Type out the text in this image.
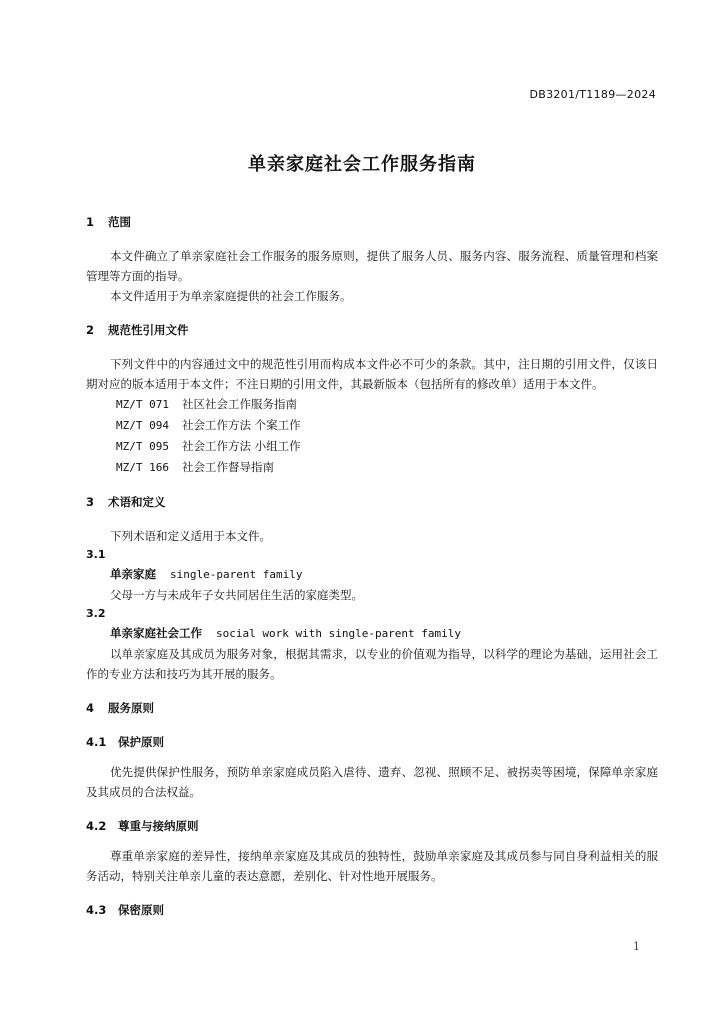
DB3201/T1189—2024
单亲家庭社会工作服务指南
1 范围

本文件确立了单亲家庭社会工作服务的服务原则，提供了服务人员、服务内容、服务流程、质量管理和档案管理等方面的指导。

本文件适用于为单亲家庭提供的社会工作服务。

2 规范性引用文件

下列文件中的内容通过文中的规范性引用而构成本文件必不可少的条款。其中，注日期的引用文件，仅该日期对应的版本适用于本文件；不注日期的引用文件，其最新版本（包括所有的修改单）适用于本文件。

MZ/T 071 社区社会工作服务指南
MZ/T 094 社会工作方法 个案工作
MZ/T 095 社会工作方法 小组工作
MZ/T 166 社会工作督导指南
3 术语和定义

下列术语和定义适用于本文件。

3.1
单亲家庭 single-parent family

父母一方与未成年子女共同居住生活的家庭类型。

3.2
单亲家庭社会工作 social work with single-parent family

以单亲家庭及其成员为服务对象，根据其需求，以专业的价值观为指导，以科学的理论为基础，运用社会工作的专业方法和技巧为其开展的服务。

4 服务原则
4.1 保护原则

优先提供保护性服务，预防单亲家庭成员陷入虐待、遗弃、忽视、照顾不足、被拐卖等困境，保障单亲家庭及其成员的合法权益。

4.2 尊重与接纳原则

尊重单亲家庭的差异性，接纳单亲家庭及其成员的独特性，鼓励单亲家庭及其成员参与同自身利益相关的服务活动，特别关注单亲儿童的表达意愿，差别化、针对性地开展服务。

4.3 保密原则
1
